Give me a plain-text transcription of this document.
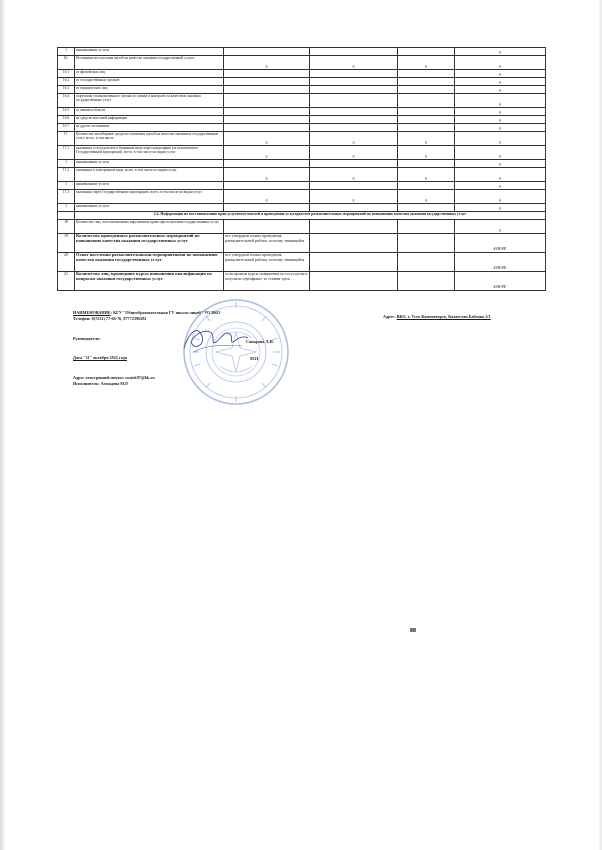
1	наименование услуги				0
16.	Источники поступления жалоб на качество оказания государственной услуги	0	0	0	0
16.1	от физических лиц				0
16.2	от государственных органов				0
16.3	от юридических лиц				0
16.4	поручения уполномоченного органа по оценке и контролю за качеством оказания государственных услуг				0
16.5	от акимата области				0
16.6	из средств массовой информации				0
16.7	из других источников				0
17.	Количество жалобщиков среди поступивших жалоб на качество оказанных государственных услуг, всего, в том числе	0	0	0	0
17.1	оказанных услугодателем в бумажном виде через канцелярию (за исключением Государственной корпорации), всего, в том числе по видам услуг	0	0	0	0
1	наименование услуги				0
17.2	оказанных в электронном виде, всего, в том числе по видам услуг	0	0	0	0
1	наименование услуги				0
17.3	оказанных через Государственную корпорацию, всего, в том числе по видам услуг	0	0	0	0
1	наименование услуги				0
	2.4. Информация по восстановлению прав услугополучателей и проведению услугодателем разъяснительных мероприятий по повышению качества оказания государственных услуг				
18	Количество лиц, восстановленных нарушенных права при получении государственных услуг				0
19	Количество проведенных разъяснительных мероприятий по повышению качества оказания государственных услуг	все утвердили планы проведения разъяснительной работы, поэтому значащийся			#ЗНАЧ!
20	Охват населения разъяснительными мероприятиями по повышению качества оказания государственных услуг	все утвердили планы проведения разъяснительной работы, поэтому значащийся			#ЗНАЧ!
21	Количество лиц, прошедших курсы повышения квалификации по вопросам оказания государственных услуг	если прошли курсы повышения по госуслугам и получили сертификат, то ставим здесь			#ЗНАЧ!
НАИМЕНОВАНИЕ: КГУ "Общеобразовательная ГУ школа-лицей" УО ВКО
Адрес: ВКО, г. Усть-Каменогорск, Казахстан Бабенко 2/1
Телефон: 8(7232) 77-66-76, 87772396282
Руководитель:
Сапарова Л.И.
М.П.
Дата "31" октября 2022 года
Адрес электронной почты: vostok97@bk.ru
Исполнитель: Ахмадова М.Р.
